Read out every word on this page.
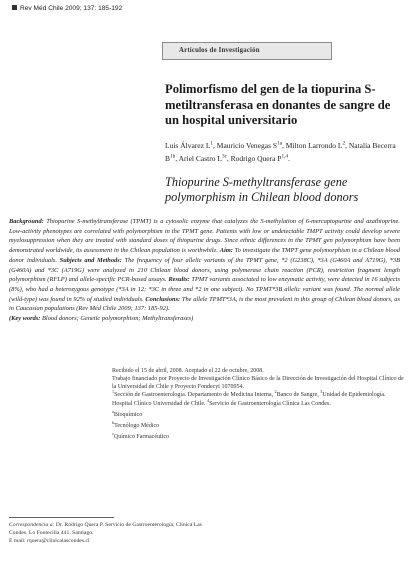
Rev Méd Chile 2009; 137: 185-192
Artículos de Investigación
Polimorfismo del gen de la tiopurina S-metiltransferasa en donantes de sangre de un hospital universitario
Luis Álvarez $L^1$, Mauricio Venegas $S^{1a}$, Milton Larrondo $L^2$, Natalia Becerra $B^{1b}$, Ariel Castro $L^{3c}$, Rodrigo Quera P$^{1,4}$.
Thiopurine S-methyltransferase gene polymorphism in Chilean blood donors
Background: Thiopurine S-methyltransferase (TPMT) is a cytosolic enzyme that catalyzes the S-methylation of 6-mercaptopurine and azathioprine. Low-activity phenotypes are correlated with polymorphism in the TPMT gene. Patients with low or undetectable TMPT activity could develop severe myelosuppression when they are treated with standard doses of thiopurine drugs. Since ethnic differences in the TPMT gen polymorphism have been demonstrated worldwide, its assessment in the Chilean population is worthwhile. Aim: To investigate the TMPT gene polymorphism in a Chilean blood donor individuals. Subjects and Methods: The frequency of four allelic variants of the TPMT gene, *2 (G238C), *3A (G460A and A719G), *3B (G460A) and *3C (A719G) were analyzed in 210 Chilean blood donors, using polymerase chain reaction (PCR), restriction fragment length polymorphism (RFLP) and allele-specific PCR-based assays. Results: TPMT variants associated to low enzymatic activity, were detected in 16 subjects (8%), who had a heterozygous genotype (*3A in 12; *3C in three and *2 in one subject). No TPMT*3B allelic variant was found. The normal allele (wild-type) was found in 92% of studied individuals. Conclusions: The allele TPMT*3A, is the most prevalent in this group of Chilean blood donors, as in Caucasian populations (Rev Méd Chile 2009; 137: 185-92).
(Key words: Blood donors; Genetic polymorphism; Methyltransferases)

Recibido el 15 de abril, 2008. Aceptado el 22 de octubre, 2008.

Trabajo financiado por Proyecto de Investigación Clínico Básico de la Dirección de Investigación del Hospital Clínico de la Universidad de Chile y Proyecto Fondecyt 1070954.

$^1$Sección de Gastroenterología. Departamento de Medicina Interna, $^2$Banco de Sangre, $^3$Unidad de Epidemiología. Hospital Clínico Universidad de Chile. $^4$Servicio de Gastroenterología Clínica Las Condes.

$^a$Bioquímico

$^b$Tecnólogo Médico

$^c$Químico Farmacéutico

Correspondencia a: Dr. Rodrigo Quera P. Servicio de Gastroenterología, Clínica Las Condes. Lo Fontecilla 441. Santiago.
E mail: rquera@clinicalascondes.cl
